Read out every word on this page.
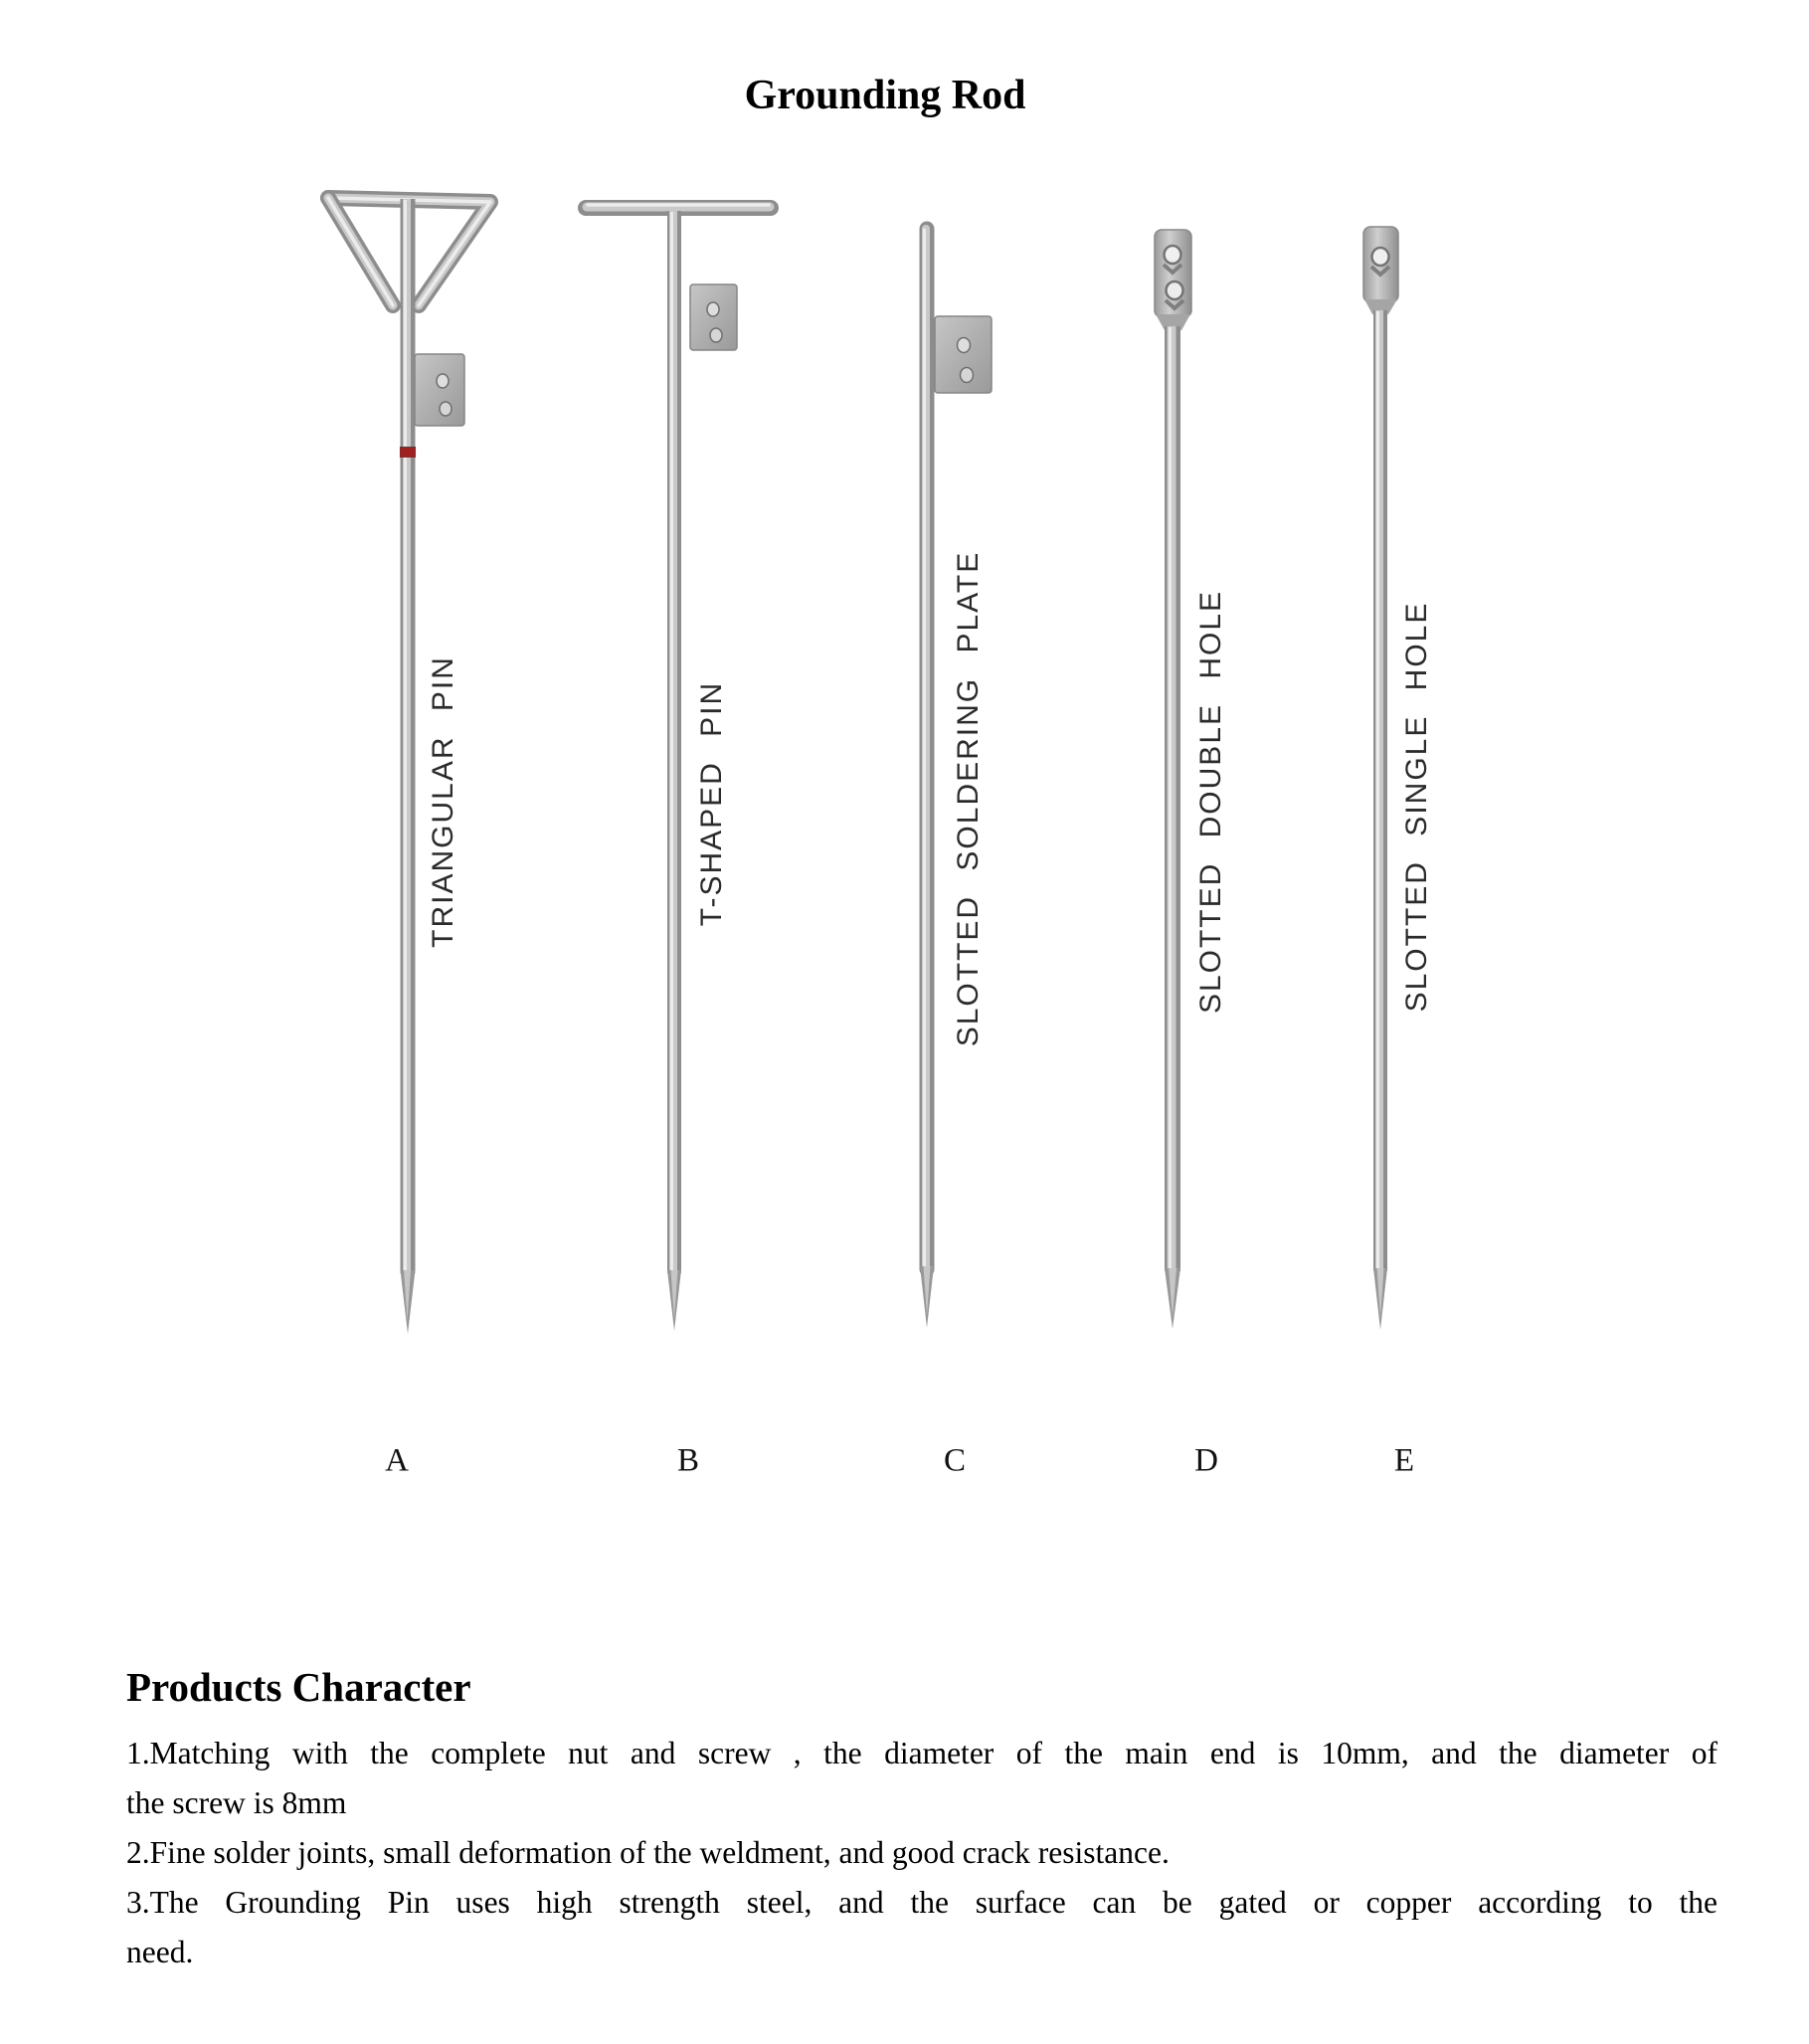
Grounding Rod
TRIANGULAR PIN	T-SHAPED PIN	SLOTTED SOLDERING PLATE	SLOTTED DOUBLE HOLE	SLOTTED SINGLE HOLE
A	B	C	D	E
Products Character
1.Matching with the complete nut and screw , the diameter of the main end is 10mm, and the diameter of
the screw is 8mm
2.Fine solder joints, small deformation of the weldment, and good crack resistance.
3.The Grounding Pin uses high strength steel, and the surface can be gated or copper according to the
need.
